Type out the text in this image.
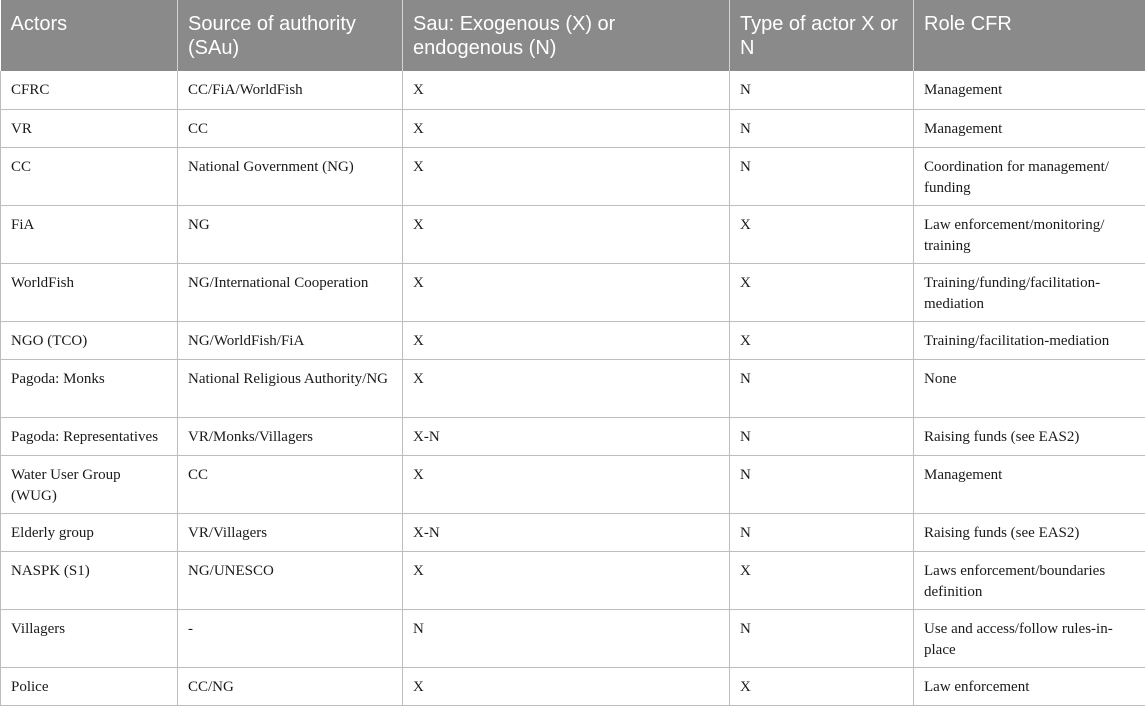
Actors	Source of authority (SAu)	Sau: Exogenous (X) or endogenous (N)	Type of actor X or N	Role CFR
CFRC	CC/FiA/WorldFish	X	N	Management
VR	CC	X	N	Management
CC	National Government (NG)	X	N	Coordination for management/ funding
FiA	NG	X	X	Law enforcement/monitoring/ training
WorldFish	NG/International Cooperation	X	X	Training/funding/facilitation-mediation
NGO (TCO)	NG/WorldFish/FiA	X	X	Training/facilitation-mediation
Pagoda: Monks	National Religious Authority/NG	X	N	None
Pagoda: Representatives	VR/Monks/Villagers	X-N	N	Raising funds (see EAS2)
Water User Group (WUG)	CC	X	N	Management
Elderly group	VR/Villagers	X-N	N	Raising funds (see EAS2)
NASPK (S1)	NG/UNESCO	X	X	Laws enforcement/boundaries definition
Villagers	-	N	N	Use and access/follow rules-in-place
Police	CC/NG	X	X	Law enforcement
